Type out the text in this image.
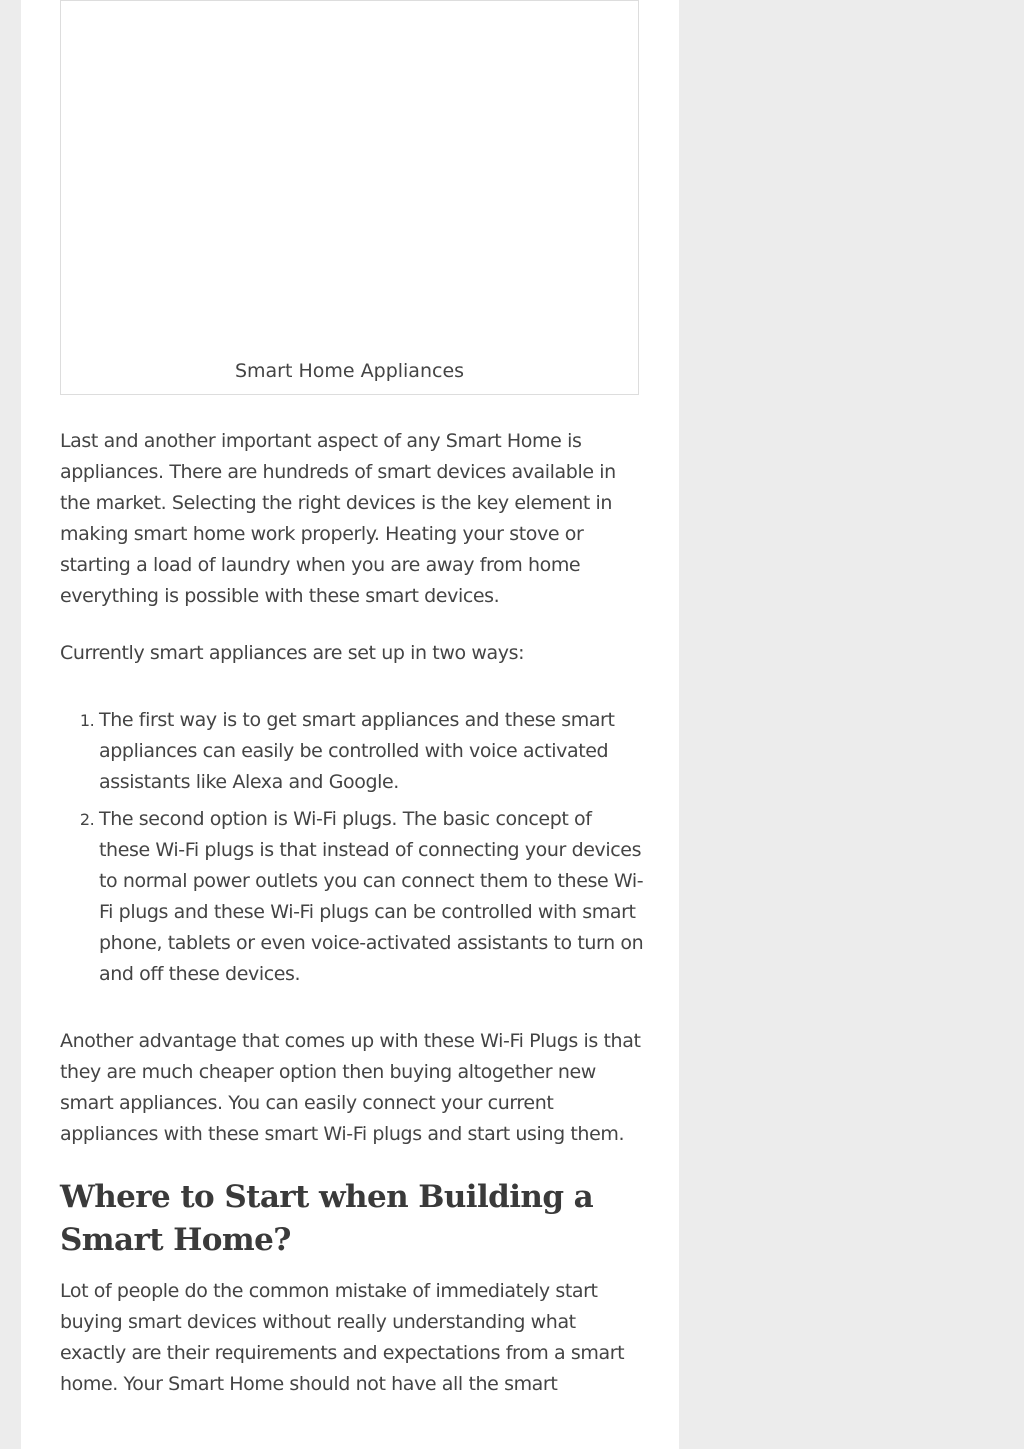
Smart Home Appliances

Last and another important aspect of any Smart Home is appliances. There are hundreds of smart devices available in the market. Selecting the right devices is the key element in making smart home work properly. Heating your stove or starting a load of laundry when you are away from home everything is possible with these smart devices.

Currently smart appliances are set up in two ways:

1. The first way is to get smart appliances and these smart appliances can easily be controlled with voice activated assistants like Alexa and Google.
2. The second option is Wi-Fi plugs. The basic concept of these Wi-Fi plugs is that instead of connecting your devices to normal power outlets you can connect them to these Wi-Fi plugs and these Wi-Fi plugs can be controlled with smart phone, tablets or even voice-activated assistants to turn on and off these devices.

Another advantage that comes up with these Wi-Fi Plugs is that they are much cheaper option then buying altogether new smart appliances. You can easily connect your current appliances with these smart Wi-Fi plugs and start using them.

Where to Start when Building a Smart Home?

Lot of people do the common mistake of immediately start buying smart devices without really understanding what exactly are their requirements and expectations from a smart home. Your Smart Home should not have all the smart
